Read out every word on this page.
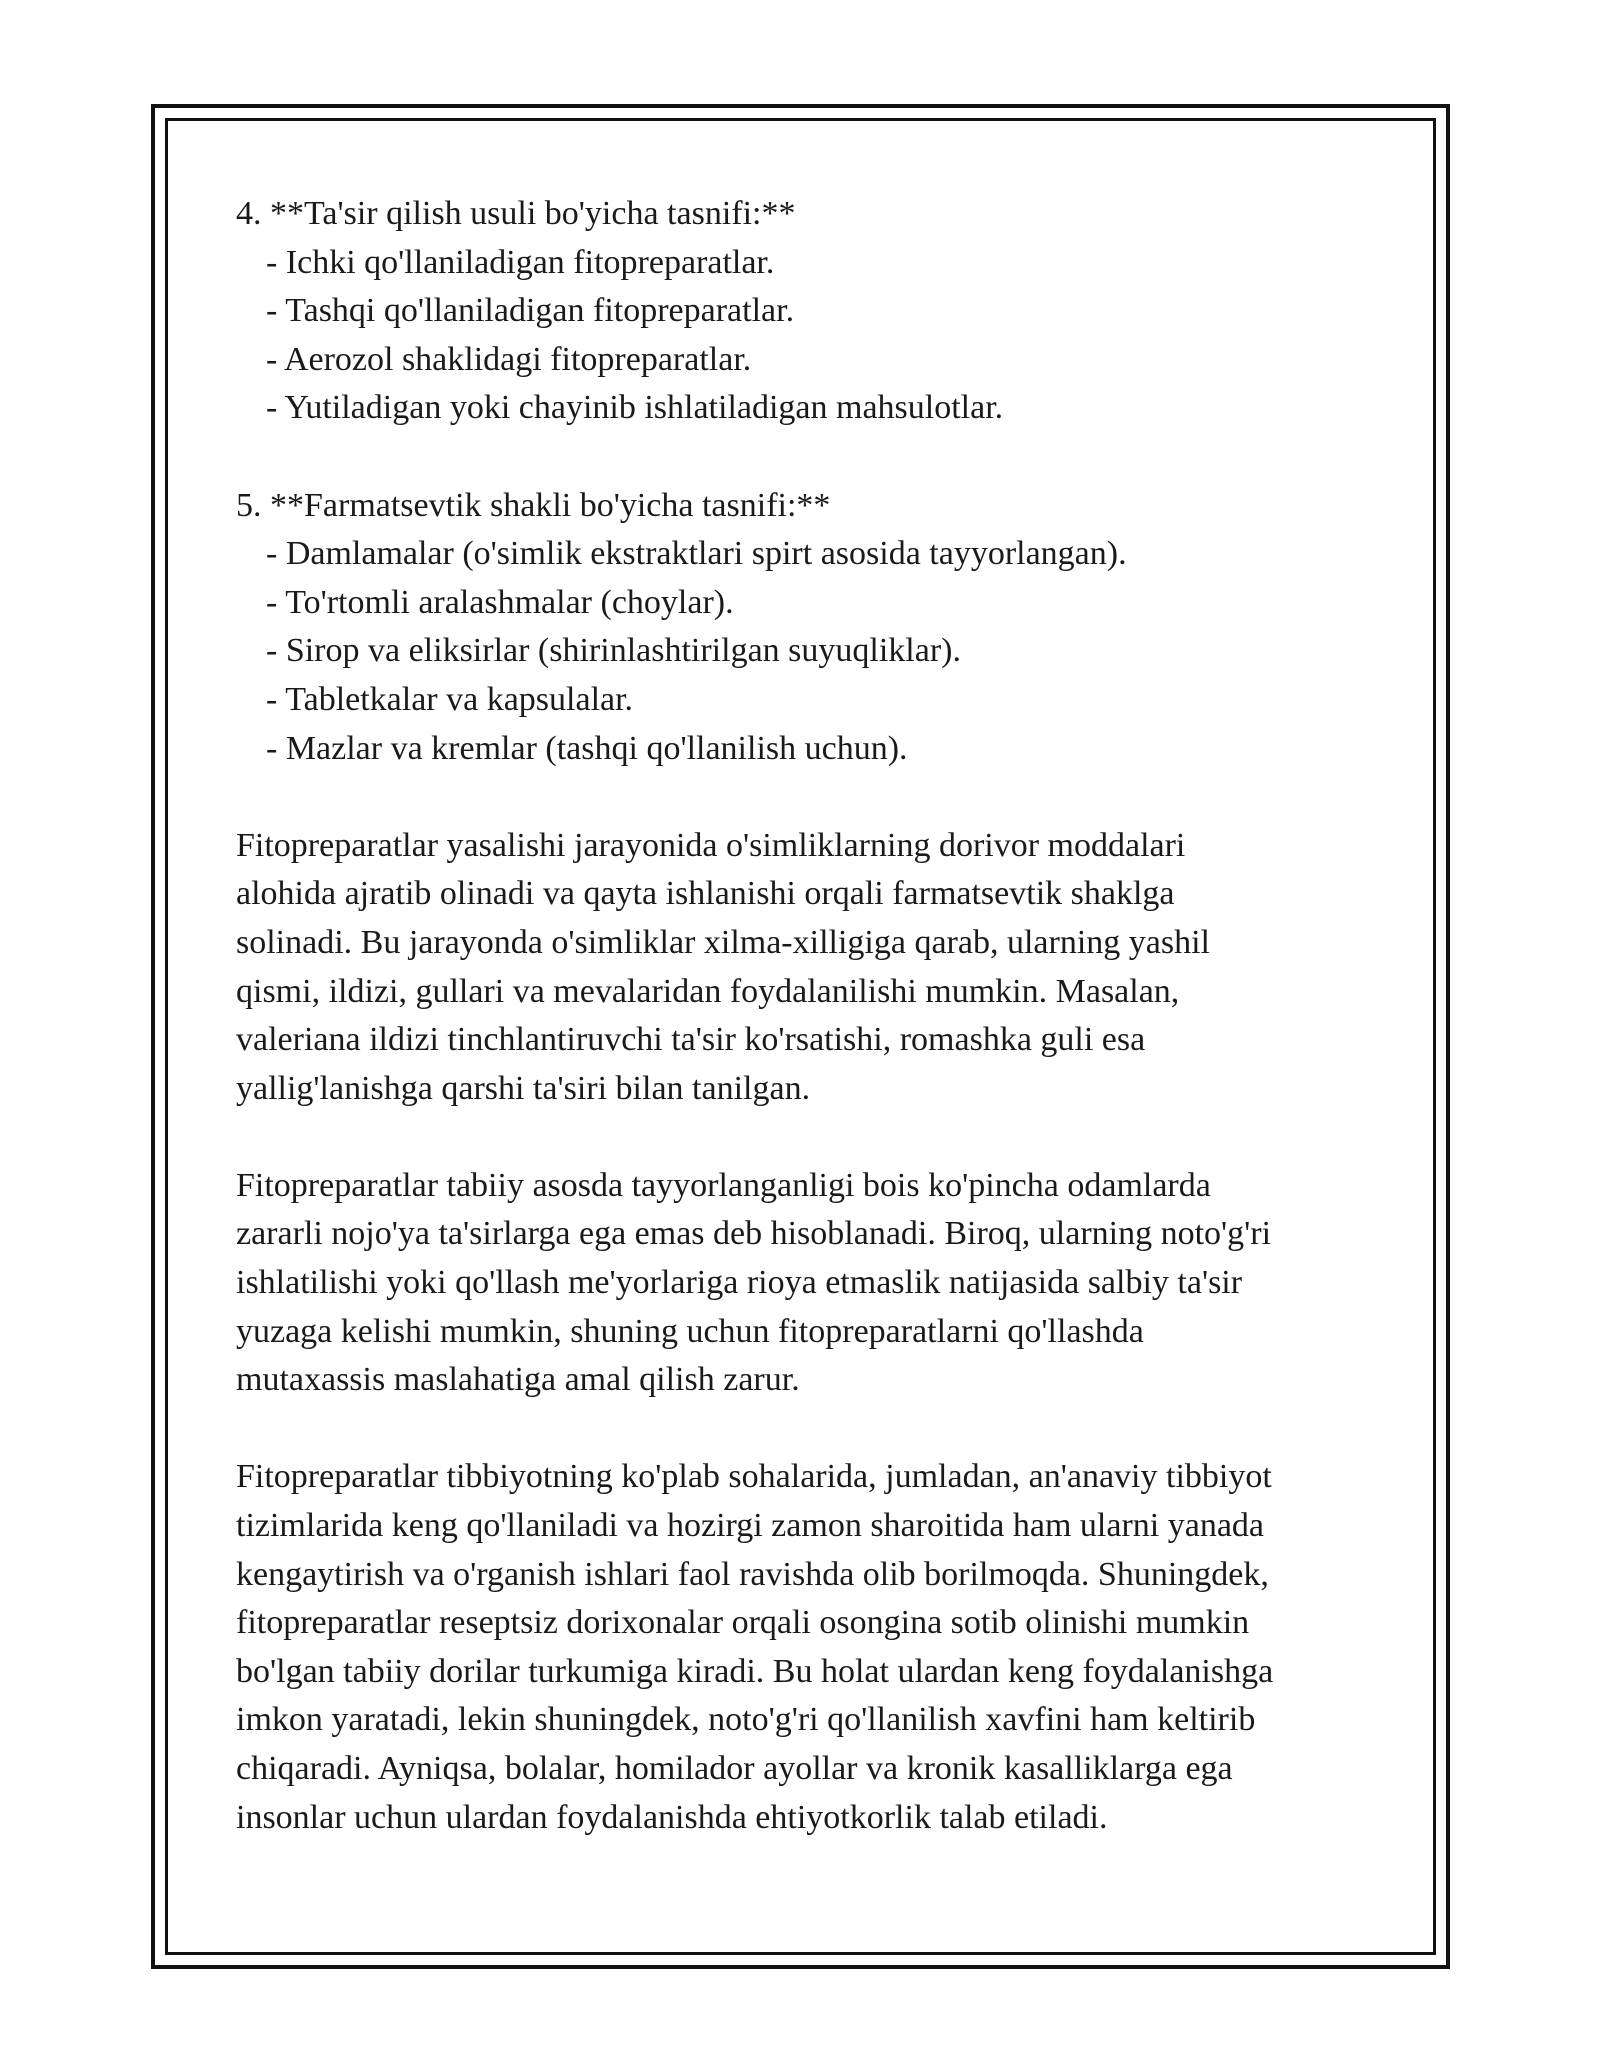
4. **Ta'sir qilish usuli bo'yicha tasnifi:**

- Ichki qo'llaniladigan fitopreparatlar.

- Tashqi qo'llaniladigan fitopreparatlar.

- Aerozol shaklidagi fitopreparatlar.

- Yutiladigan yoki chayinib ishlatiladigan mahsulotlar.

5. **Farmatsevtik shakli bo'yicha tasnifi:**

- Damlamalar (o'simlik ekstraktlari spirt asosida tayyorlangan).

- To'rtomli aralashmalar (choylar).

- Sirop va eliksirlar (shirinlashtirilgan suyuqliklar).

- Tabletkalar va kapsulalar.

- Mazlar va kremlar (tashqi qo'llanilish uchun).

Fitopreparatlar yasalishi jarayonida o'simliklarning dorivor moddalari

alohida ajratib olinadi va qayta ishlanishi orqali farmatsevtik shaklga

solinadi. Bu jarayonda o'simliklar xilma-xilligiga qarab, ularning yashil

qismi, ildizi, gullari va mevalaridan foydalanilishi mumkin. Masalan,

valeriana ildizi tinchlantiruvchi ta'sir ko'rsatishi, romashka guli esa

yallig'lanishga qarshi ta'siri bilan tanilgan.

Fitopreparatlar tabiiy asosda tayyorlanganligi bois ko'pincha odamlarda

zararli nojo'ya ta'sirlarga ega emas deb hisoblanadi. Biroq, ularning noto'g'ri

ishlatilishi yoki qo'llash me'yorlariga rioya etmaslik natijasida salbiy ta'sir

yuzaga kelishi mumkin, shuning uchun fitopreparatlarni qo'llashda

mutaxassis maslahatiga amal qilish zarur.

Fitopreparatlar tibbiyotning ko'plab sohalarida, jumladan, an'anaviy tibbiyot

tizimlarida keng qo'llaniladi va hozirgi zamon sharoitida ham ularni yanada

kengaytirish va o'rganish ishlari faol ravishda olib borilmoqda. Shuningdek,

fitopreparatlar reseptsiz dorixonalar orqali osongina sotib olinishi mumkin

bo'lgan tabiiy dorilar turkumiga kiradi. Bu holat ulardan keng foydalanishga

imkon yaratadi, lekin shuningdek, noto'g'ri qo'llanilish xavfini ham keltirib

chiqaradi. Ayniqsa, bolalar, homilador ayollar va kronik kasalliklarga ega

insonlar uchun ulardan foydalanishda ehtiyotkorlik talab etiladi.
